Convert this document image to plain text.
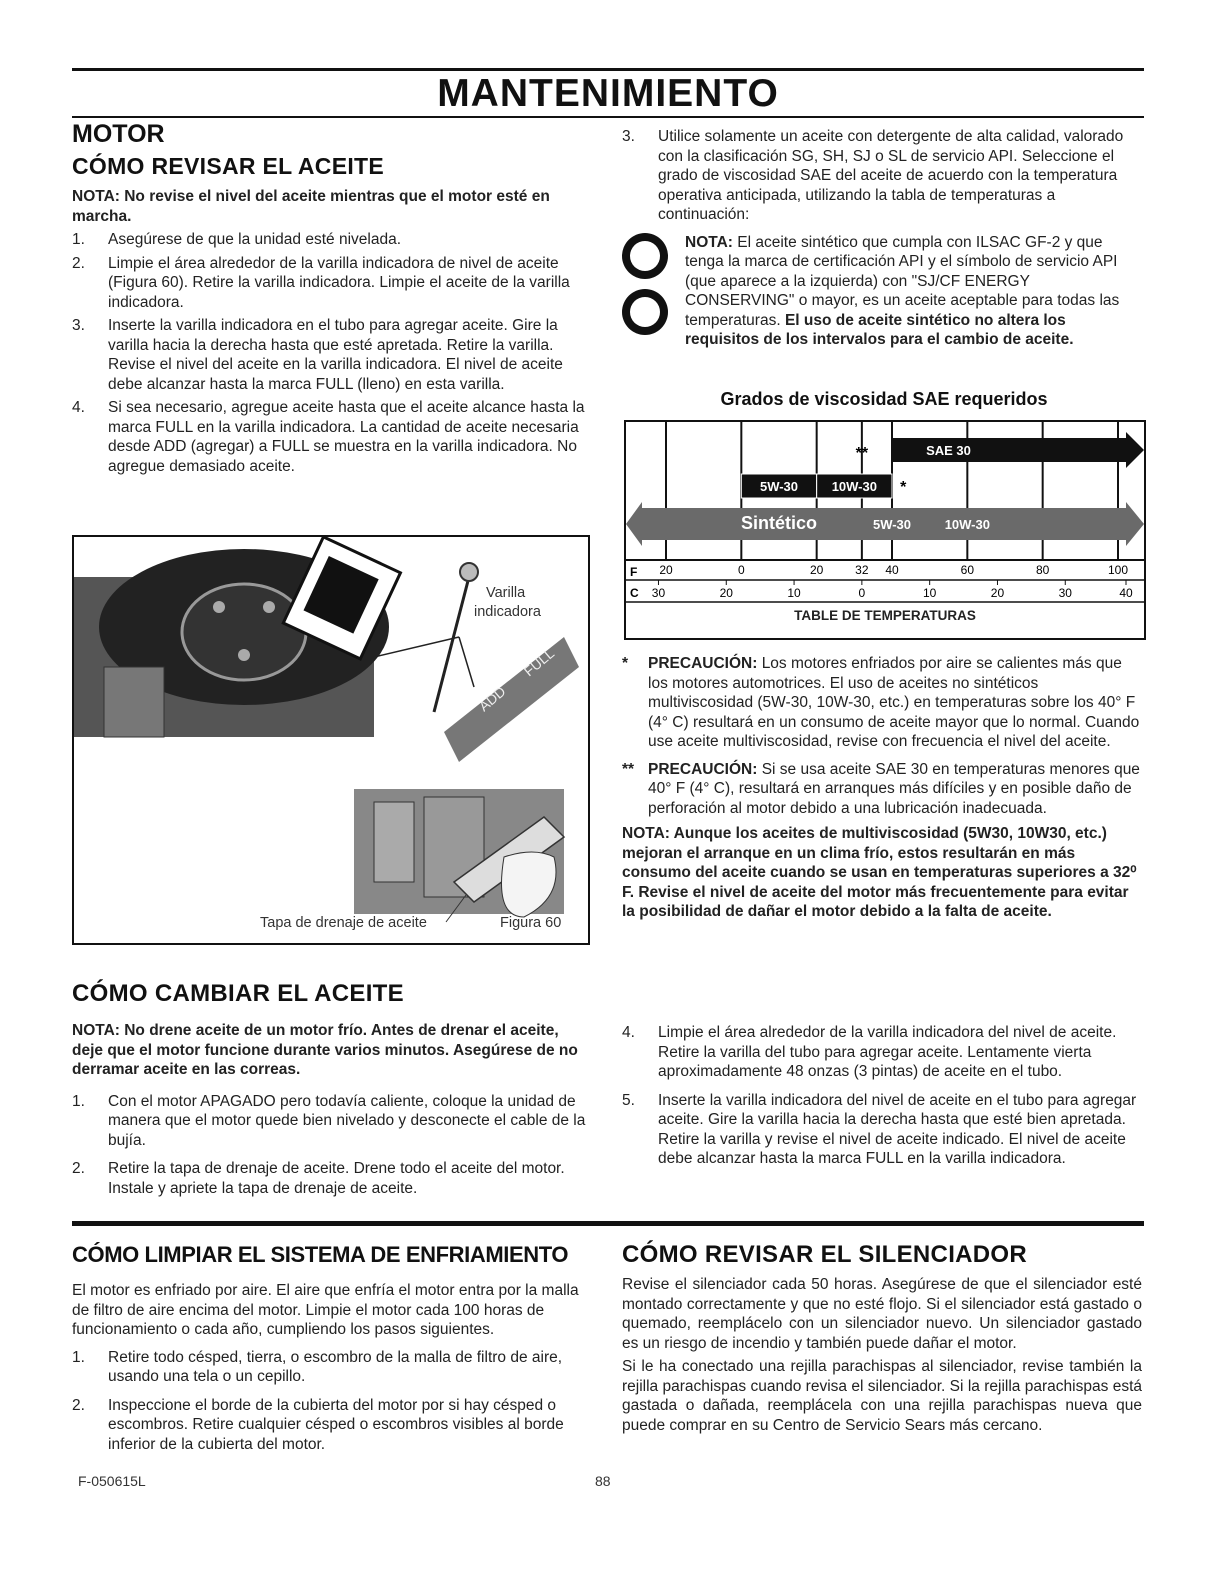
MANTENIMIENTO
MOTOR
CÓMO REVISAR EL ACEITE

NOTA: No revise el nivel del aceite mientras que el motor esté en marcha.

1. Asegúrese de que la unidad esté nivelada.
2. Limpie el área alrededor de la varilla indicadora de nivel de aceite (Figura 60). Retire la varilla indicadora. Limpie el aceite de la varilla indicadora.
3. Inserte la varilla indicadora en el tubo para agregar aceite. Gire la varilla hacia la derecha hasta que esté apretada. Retire la varilla. Revise el nivel del aceite en la varilla indicadora. El nivel de aceite debe alcanzar hasta la marca FULL (lleno) en esta varilla.
4. Si sea necesario, agregue aceite hasta que el aceite alcance hasta la marca FULL en la varilla indicadora. La cantidad de aceite necesaria desde ADD (agregar) a FULL se muestra en la varilla indicadora. No agregue demasiado aceite.
ADD
FULL
Varilla
indicadora
Tapa de drenaje de aceite	Figura 60
CÓMO CAMBIAR EL ACEITE

NOTA: No drene aceite de un motor frío. Antes de drenar el aceite, deje que el motor funcione durante varios minutos. Asegúrese de no derramar aceite en las correas.

1. Con el motor APAGADO pero todavía caliente, coloque la unidad de manera que el motor quede bien nivelado y desconecte el cable de la bujía.
2. Retire la tapa de drenaje de aceite. Drene todo el aceite del motor. Instale y apriete la tapa de drenaje de aceite.
3. Utilice solamente un aceite con detergente de alta calidad, valorado con la clasificación SG, SH, SJ o SL de servicio API. Seleccione el grado de viscosidad SAE del aceite de acuerdo con la temperatura operativa anticipada, utilizando la tabla de temperaturas a continuación:

NOTA: El aceite sintético que cumpla con ILSAC GF-2 y que tenga la marca de certificación API y el símbolo de servicio API (que aparece a la izquierda) con "SJ/CF ENERGY CONSERVING" o mayor, es un aceite aceptable para todas las temperaturas. El uso de aceite sintético no altera los requisitos de los intervalos para el cambio de aceite.

Grados de viscosidad SAE requeridos

SAE 30
5W-30	10W-30
Sintético	5W-30	10W-30
**
*
F
C
20	0	20	32 40	60	80	100
30	20	10	0	10	20	30	40
TABLE DE TEMPERATURAS

* PRECAUCIÓN: Los motores enfriados por aire se calientes más que los motores automotrices. El uso de aceites no sintéticos multiviscosidad (5W-30, 10W-30, etc.) en temperaturas sobre los 40° F (4° C) resultará en un consumo de aceite mayor que lo normal. Cuando use aceite multiviscosidad, revise con frecuencia el nivel del aceite.

** PRECAUCIÓN: Si se usa aceite SAE 30 en temperaturas menores que 40° F (4° C), resultará en arranques más difíciles y en posible daño de perforación al motor debido a una lubricación inadecuada.

NOTA: Aunque los aceites de multiviscosidad (5W30, 10W30, etc.) mejoran el arranque en un clima frío, estos resultarán en más consumo del aceite cuando se usan en temperaturas superiores a 32⁰ F. Revise el nivel de aceite del motor más frecuentemente para evitar la posibilidad de dañar el motor debido a la falta de aceite.

4. Limpie el área alrededor de la varilla indicadora del nivel de aceite. Retire la varilla del tubo para agregar aceite. Lentamente vierta aproximadamente 48 onzas (3 pintas) de aceite en el tubo.
5. Inserte la varilla indicadora del nivel de aceite en el tubo para agregar aceite. Gire la varilla hacia la derecha hasta que esté bien apretada. Retire la varilla y revise el nivel de aceite indicado. El nivel de aceite debe alcanzar hasta la marca FULL en la varilla indicadora.
CÓMO LIMPIAR EL SISTEMA DE ENFRIAMIENTO

El motor es enfriado por aire. El aire que enfría el motor entra por la malla de filtro de aire encima del motor. Limpie el motor cada 100 horas de funcionamiento o cada año, cumpliendo los pasos siguientes.

1. Retire todo césped, tierra, o escombro de la malla de filtro de aire, usando una tela o un cepillo.
2. Inspeccione el borde de la cubierta del motor por si hay césped o escombros. Retire cualquier césped o escombros visibles al borde inferior de la cubierta del motor.
CÓMO REVISAR EL SILENCIADOR

Revise el silenciador cada 50 horas. Asegúrese de que el silenciador esté montado correctamente y que no esté flojo. Si el silenciador está gastado o quemado, reemplácelo con un silenciador nuevo. Un silenciador gastado es un riesgo de incendio y también puede dañar el motor.

Si le ha conectado una rejilla parachispas al silenciador, revise también la rejilla parachispas cuando revisa el silenciador. Si la rejilla parachispas está gastada o dañada, reemplácela con una rejilla parachispas nueva que puede comprar en su Centro de Servicio Sears más cercano.

F-050615L	88
